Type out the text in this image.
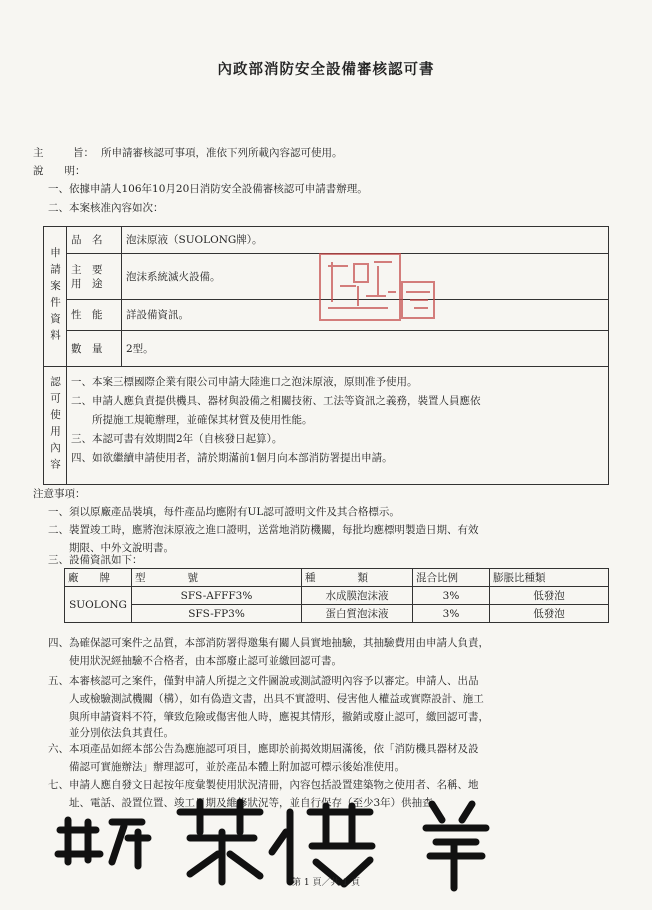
內政部消防安全設備審核認可書
主	旨： 所申請審核認可事項，准依下列所載內容認可使用。
說　　明：
一、依據申請人106年10月20日消防安全設備審核認可申請書辦理。
二、本案核准內容如次：
申請案件資料	品　名	泡沫原液（SUOLONG牌）。
	主　要
用　途	泡沫系統滅火設備。
	性　能	詳設備資訊。
	數　量	2型。
認可使用內容	一、本案三標國際企業有限公司申請大陸進口之泡沫原液，原則准予使用。
二、申請人應負責提供機具、器材與設備之相關技術、工法等資訊之義務，裝置人員應依
　　所提施工規範辦理，並確保其材質及使用性能。
三、本認可書有效期間2年（自核發日起算）。
四、如欲繼續申請使用者，請於期滿前1個月向本部消防署提出申請。	
注意事項：
一、須以原廠產品裝填，每件產品均應附有UL認可證明文件及其合格標示。
二、裝置竣工時，應將泡沫原液之進口證明，送當地消防機關，每批均應標明製造日期、有效
　　期限、中外文說明書。
三、設備資訊如下：
廠　　牌	型　　　　號	種　　　　類	混合比例	膨脹比種類
SUOLONG	SFS-AFFF3%	水成膜泡沫液	3%	低發泡
	SFS-FP3%	蛋白質泡沫液	3%	低發泡
四、為確保認可案件之品質，本部消防署得邀集有關人員實地抽驗，其抽驗費用由申請人負責，
　　使用狀況經抽驗不合格者，由本部廢止認可並繳回認可書。
五、本審核認可之案件，僅對申請人所提之文件圖說或測試證明內容予以審定。申請人、出品
　　人或檢驗測試機關（構），如有偽造文書，出具不實證明、侵害他人權益或實際設計、施工
　　與所申請資料不符，肇致危險或傷害他人時，應視其情形，撤銷或廢止認可，繳回認可書，
　　並分別依法負其責任。
六、本項產品如經本部公告為應施認可項目，應即於前揭效期屆滿後，依「消防機具器材及設
　　備認可實施辦法」辦理認可，並於產品本體上附加認可標示後始准使用。
七、申請人應自發文日起按年度彙製使用狀況清冊，內容包括設置建築物之使用者、名稱、地
　　址、電話、設置位置、竣工日期及維修狀況等，並自行保存（至少3年）供抽查。
第 1 頁／共 1 頁
